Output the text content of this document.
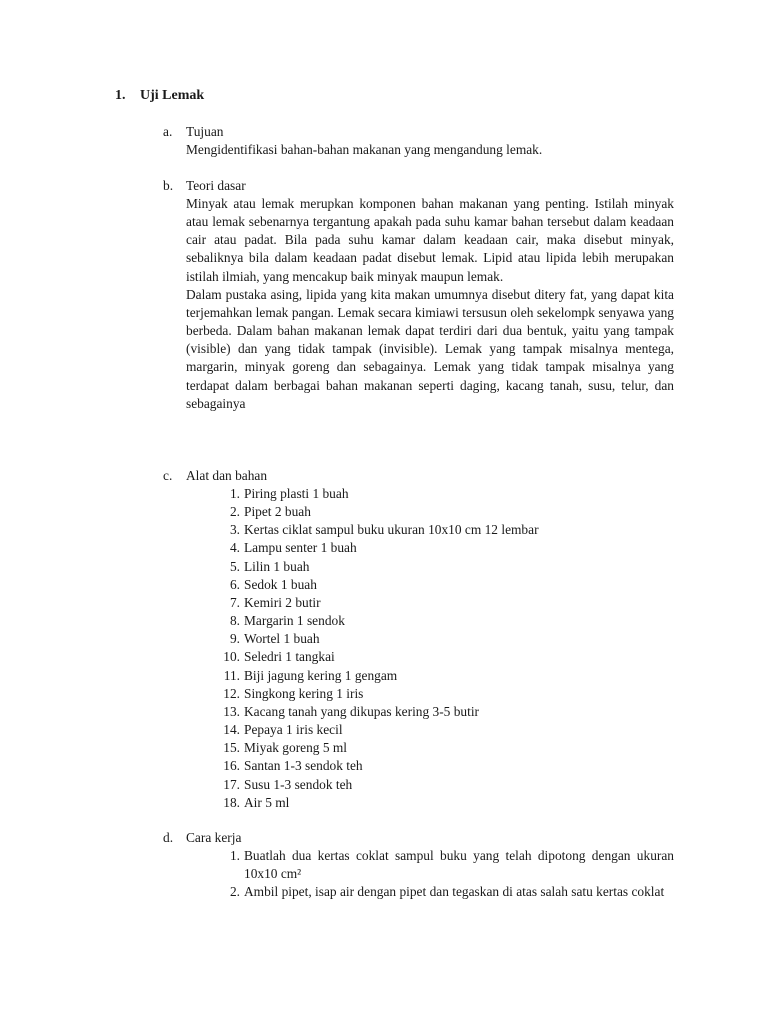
1. Uji Lemak
a. Tujuan

Mengidentifikasi bahan-bahan makanan yang mengandung lemak.

b. Teori dasar

Minyak atau lemak merupkan komponen bahan makanan yang penting. Istilah minyak atau lemak sebenarnya tergantung apakah pada suhu kamar bahan tersebut dalam keadaan cair atau padat. Bila pada suhu kamar dalam keadaan cair, maka disebut minyak, sebaliknya bila dalam keadaan padat disebut lemak. Lipid atau lipida lebih merupakan istilah ilmiah, yang mencakup baik minyak maupun lemak.

Dalam pustaka asing, lipida yang kita makan umumnya disebut ditery fat, yang dapat kita terjemahkan lemak pangan. Lemak secara kimiawi tersusun oleh sekelompk senyawa yang berbeda. Dalam bahan makanan lemak dapat terdiri dari dua bentuk, yaitu yang tampak (visible) dan yang tidak tampak (invisible). Lemak yang tampak misalnya mentega, margarin, minyak goreng dan sebagainya. Lemak yang tidak tampak misalnya yang terdapat dalam berbagai bahan makanan seperti daging, kacang tanah, susu, telur, dan sebagainya

c. Alat dan bahan
1. Piring plasti 1 buah
2. Pipet 2 buah
3. Kertas ciklat sampul buku ukuran 10x10 cm 12 lembar
4. Lampu senter 1 buah
5. Lilin 1 buah
6. Sedok 1 buah
7. Kemiri 2 butir
8. Margarin 1 sendok
9. Wortel 1 buah
10. Seledri 1 tangkai
11. Biji jagung kering 1 gengam
12. Singkong kering 1 iris
13. Kacang tanah yang dikupas kering 3-5 butir
14. Pepaya 1 iris kecil
15. Miyak goreng 5 ml
16. Santan 1-3 sendok teh
17. Susu 1-3 sendok teh
18. Air 5 ml
d. Cara kerja
1. Buatlah dua kertas coklat sampul buku yang telah dipotong dengan ukuran 10x10 cm²
2. Ambil pipet, isap air dengan pipet dan tegaskan di atas salah satu kertas coklat
